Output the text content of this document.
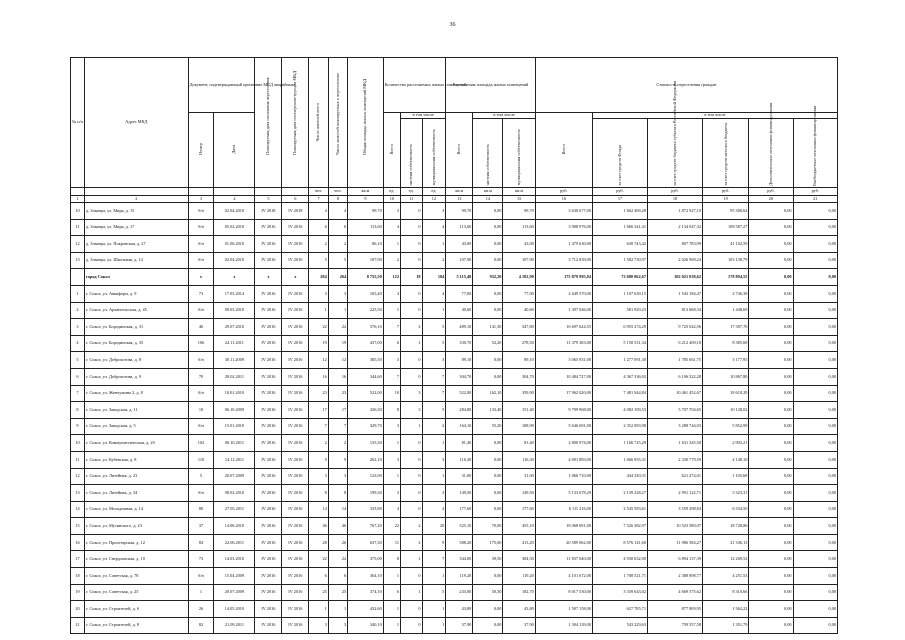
36
№ п/п	Адрес МКД	Документ, подтверждающий признание МКД аварийным		Планируемая дата окончания переселения	Планируемая дата сноса/реконструкции МКД	Число жителей всего	Число жителей планируемых к переселению	Общая площадь жилых помещений МКД	Количество расселяемых жилых помещений			Расселяемая площадь жилых помещений			Стоимость переселения граждан					
		Номер	Дата						Всего	в том числе		Всего	в том числе		Всего	в том числе				
										частная собственность	муниципальная собственность		частная собственность	муниципальная собственность		за счет средств Фонда	за счет средств бюджета субъекта Российской Федерации	за счет средств местного бюджета	Дополнительные источники финансирования	Внебюджетные источники финансирования
						чел.	чел.	кв.м	ед.	ед.	ед.	кв.м	кв.м	кв.м	руб.	руб.	руб.	руб.	руб.	руб.
1	2	3	4	5	6	7	8	9	10	11	12	13	14	15	16	17	18	19	20	21
10	д. Злынцы, ул. Мира, д. 15	б/н	02.04.2010	IV 2018	IV 2018	4	4	99,70	3	0	3	99,70	0,00	99,70	3 630 677,00	1 662 469,28	1 872 927,10	95 300,62	0,00	0,00
11	д. Злынцы, ул. Мира, д. 17	б/н	05.02.2010	IV 2016	IV 2016	6	6	113,60	4	0	4	113,60	0,00	113,60	3 908 976,00	1 666 341,41	2 134 047,32	108 587,27	0,00	0,00
12	д. Злынцы, ул. Покровская, д. 27	б/н	01.06.2010	IV 2016	IV 2016	2	2	86,10	1	0	1	43,00	0,00	43,00	1 479 630,00	630 743,42	807 783,99	41 102,59	0,00	0,00
13	д. Злынцы, ул. Школьная, д. 14	б/н	02.04.2010	IV 2016	IV 2016	5	5	107,90	2	0	2	107,90	0,00	107,90	3 712 839,00	1 582 730,97	2 026 969,24	103 138,79	0,00	0,00
	город Сокол	x	x	x	x	284	264	8 755,50	122	18	104	5 115,40	932,20	4 182,90	175 879 995,84	73 680 062,67	102 021 038,62	178 894,55	0,00	0,00
1	г. Сокол, ул. Авиаферм, д. 9	73	17.03.2014	IV 2016	IV 2016	3	3	165,40	4	0	4	77,00	0,00	77,00	2 649 570,00	1 107 639,15	1 543 184,47	2 746,38	0,00	0,00
2	г. Сокол, ул. Архангельская, д. 45	б/н	09.03.2010	IV 2016	IV 2016	1	1	225,50	1	0	1	40,60	0,00	40,60	1 397 046,00	581 929,23	813 668,34	1 448,69	0,00	0,00
3	г. Сокол, ул. Бородинская, д. 31	46	29.07.2010	IV 2016	IV 2016	22	22	576,10	7	2	5	489,10	141,30	347,80	16 697 624,55	6 955 274,29	9 725 042,56	17 307,70	0,00	0,00
4	г. Сокол, ул. Бородинская, д. 35	106	24.11.2011	IV 2016	IV 2016	19	19	437,00	6	1	5	330,70	52,20	278,50	11 379 383,00	5 158 531,34	6 212 469,18	8 385,68	0,00	0,00
5	г. Сокол, ул. Доброхотова, д. 8	б/н	30.11.2009	IV 2016	IV 2016	12	12	385,50	3	0	3	89,10	0,00	89,10	3 065 931,00	1 277 091,30	1 785 661,75	3 177,95	0,00	0,00
6	г. Сокол, ул. Доброхотова, д. 9	70	28.02.2011	IV 2016	IV 2016	16	16	344,60	7	0	7	304,70	0,00	304,70	10 484 727,00	4 367 336,92	6 106 522,28	10 867,80	0,00	0,00
7	г. Сокол, ул. Жемчужина 2, д. 8	б/н	10.01.2010	IV 2016	IV 2016	23	23	522,00	10	3	7	522,00	162,10	359,90	17 962 020,00	7 481 944,84	10 461 452,67	18 618,29	0,00	0,00
8	г. Сокол, ул. Заводская, д. 11	10	06.10.2009	IV 2016	IV 2016	17	17	326,30	8	3	5	284,80	133,40	151,40	9 799 968,00	4 082 109,53	5 707 704,65	10 128,02	0,00	0,00
9	г. Сокол, ул. Заводская, д. 5	б/н	15.01.2010	IV 2016	IV 2016	7	7	329,70	3	1	2	164,10	55,20	108,90	5 646 681,00	2 352 083,98	3 288 744,03	5 852,99	0,00	0,00
10	г. Сокол, ул. Коммунистическая, д. 20	102	06.10.2011	IV 2016	IV 2016	2	2	135,30	1	0	1	81,40	0,00	81,40	2 800 974,00	1 166 725,29	1 631 345,50	2 903,21	0,00	0,00
11	г. Сокол, ул. Кубенская, д. 8	110	14.12.2011	IV 2016	IV 2016	9	9	262,10	3	0	3	116,30	0,00	116,30	4 001 883,00	1 666 955,31	2 330 779,59	4 148,10	0,00	0,00
12	г. Сокол, ул. Литейная, д. 23	5	20.07.2009	IV 2016	IV 2016	3	3	123,90	1	0	1	31,00	0,00	31,00	1 066 710,00	444 330,31	621 274,01	1 105,68	0,00	0,00
13	г. Сокол, ул. Литейная, д. 34	б/н	08.02.2010	IV 2016	IV 2016	8	8	199,30	3	0	3	149,50	0,00	149,50	5 133 678,29	2 139 228,27	2 991 122,71	5 323,31	0,00	0,00
14	г. Сокол, ул. Молодежная, д. 14	80	27.05.2011	IV 2016	IV 2016	14	14	333,80	4	0	4	177,60	0,00	177,60	6 111 216,00	2 545 583,61	3 559 298,84	6 334,50	0,00	0,00
15	г. Сокол, ул. Мусинского, д. 23	37	14.06.2010	IV 2016	IV 2016	46	46	767,20	22	2	20	525,10	70,00	455,10	18 068 691,00	7 526 382,97	10 523 580,07	18 728,86	0,00	0,00
16	г. Сокол, ул. Пролетарская, д. 12	84	22.06.2011	IV 2016	IV 2016	28	26	637,30	11	2	9	588,20	175,00	413,20	20 589 062,00	8 576 141,60	11 986 584,27	21 336,13	0,00	0,00
17	г. Сокол, ул. Свердловская, д. 10	73	14.03.2010	IV 2016	IV 2016	22	22	375,00	8	1	7	344,00	39,50	304,50	11 837 040,00	4 930 632,00	6 894 137,39	12 269,52	0,00	0,00
18	г. Сокол, ул. Советская, д. 78	б/н	15.04.2009	IV 2016	IV 2016	6	6	364,10	1	0	1	119,20	0,00	119,20	4 101 672,00	1 708 521,71	2 388 898,77	4 251,53	0,00	0,00
19	г. Сокол, ул. Советская, д. 25	1	20.07.2009	IV 2016	IV 2016	25	25	374,10	6	1	5	233,00	50,30	182,70	8 017 530,00	3 339 643,02	4 669 575,62	8 310,66	0,00	0,00
20	г. Сокол, ул. Строителей, д. 6	26	14.05.2010	IV 2016	IV 2016	1	1	432,60	1	0	1	43,80	0,00	43,80	1 507 158,00	627 785,71	877 809,95	1 562,22	0,00	0,00
21	г. Сокол, ул. Строителей, д. 8	82	21.09.2011	IV 2016	IV 2016	3	3	340,10	1	0	1	37,90	0,00	37,90	1 304 139,00	543 229,63	759 557,58	1 351,79	0,00	0,00
